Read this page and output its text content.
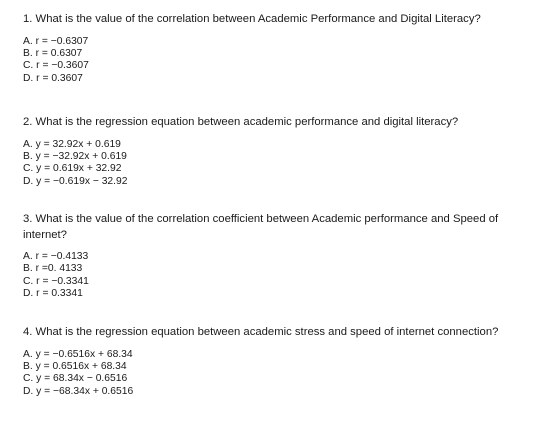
1. What is the value of the correlation between Academic Performance and Digital Literacy?

A. r = −0.6307
B. r = 0.6307
C. r = −0.3607
D. r = 0.3607

2. What is the regression equation between academic performance and digital literacy?

A. y = 32.92x + 0.619
B. y = −32.92x + 0.619
C. y = 0.619x + 32.92
D. y = −0.619x − 32.92

3. What is the value of the correlation coefficient between Academic performance and Speed of internet?

A. r = −0.4133
B. r =0. 4133
C. r = −0.3341
D. r = 0.3341

4. What is the regression equation between academic stress and speed of internet connection?

A. y = −0.6516x + 68.34
B. y = 0.6516x + 68.34
C. y = 68.34x − 0.6516
D. y = −68.34x + 0.6516
